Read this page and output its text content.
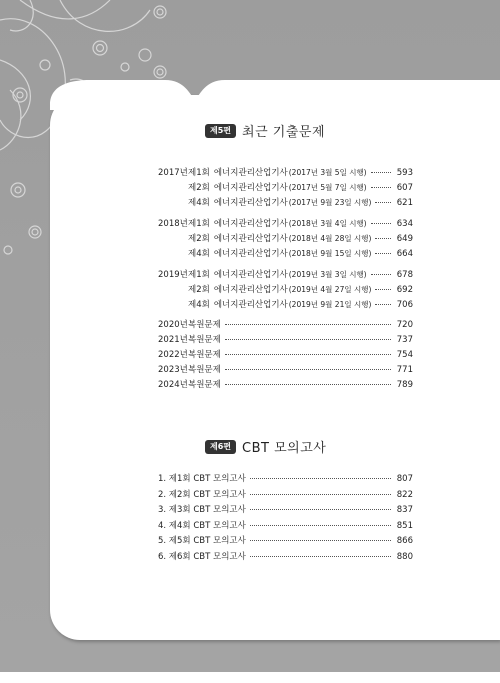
제5편 최근 기출문제
2017년 제1회 에너지관리산업기사 (2017년 3월 5일 시행)	593
제2회 에너지관리산업기사 (2017년 5월 7일 시행)	607
제4회 에너지관리산업기사 (2017년 9월 23일 시행)	621
2018년 제1회 에너지관리산업기사 (2018년 3월 4일 시행)	634
제2회 에너지관리산업기사 (2018년 4월 28일 시행)	649
제4회 에너지관리산업기사 (2018년 9월 15일 시행)	664
2019년 제1회 에너지관리산업기사 (2019년 3월 3일 시행)	678
제2회 에너지관리산업기사 (2019년 4월 27일 시행)	692
제4회 에너지관리산업기사 (2019년 9월 21일 시행)	706
2020년 복원문제	720
2021년 복원문제	737
2022년 복원문제	754
2023년 복원문제	771
2024년 복원문제	789
제6편 CBT 모의고사
1. 제1회 CBT 모의고사	807
2. 제2회 CBT 모의고사	822
3. 제3회 CBT 모의고사	837
4. 제4회 CBT 모의고사	851
5. 제5회 CBT 모의고사	866
6. 제6회 CBT 모의고사	880
